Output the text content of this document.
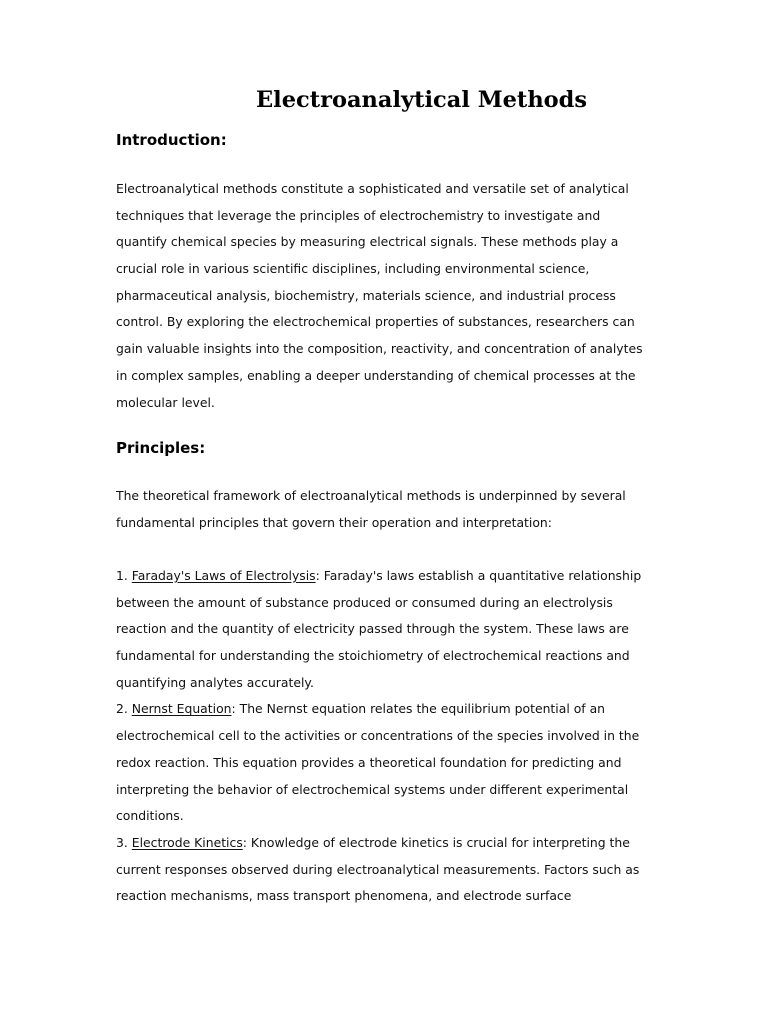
Electroanalytical Methods
Introduction:
Electroanalytical methods constitute a sophisticated and versatile set of analytical
techniques that leverage the principles of electrochemistry to investigate and
quantify chemical species by measuring electrical signals. These methods play a
crucial role in various scientific disciplines, including environmental science,
pharmaceutical analysis, biochemistry, materials science, and industrial process
control. By exploring the electrochemical properties of substances, researchers can
gain valuable insights into the composition, reactivity, and concentration of analytes
in complex samples, enabling a deeper understanding of chemical processes at the
molecular level.
Principles:
The theoretical framework of electroanalytical methods is underpinned by several
fundamental principles that govern their operation and interpretation:
1. Faraday's Laws of Electrolysis: Faraday's laws establish a quantitative relationship
between the amount of substance produced or consumed during an electrolysis
reaction and the quantity of electricity passed through the system. These laws are
fundamental for understanding the stoichiometry of electrochemical reactions and
quantifying analytes accurately.
2. Nernst Equation: The Nernst equation relates the equilibrium potential of an
electrochemical cell to the activities or concentrations of the species involved in the
redox reaction. This equation provides a theoretical foundation for predicting and
interpreting the behavior of electrochemical systems under different experimental
conditions.
3. Electrode Kinetics: Knowledge of electrode kinetics is crucial for interpreting the
current responses observed during electroanalytical measurements. Factors such as
reaction mechanisms, mass transport phenomena, and electrode surface
